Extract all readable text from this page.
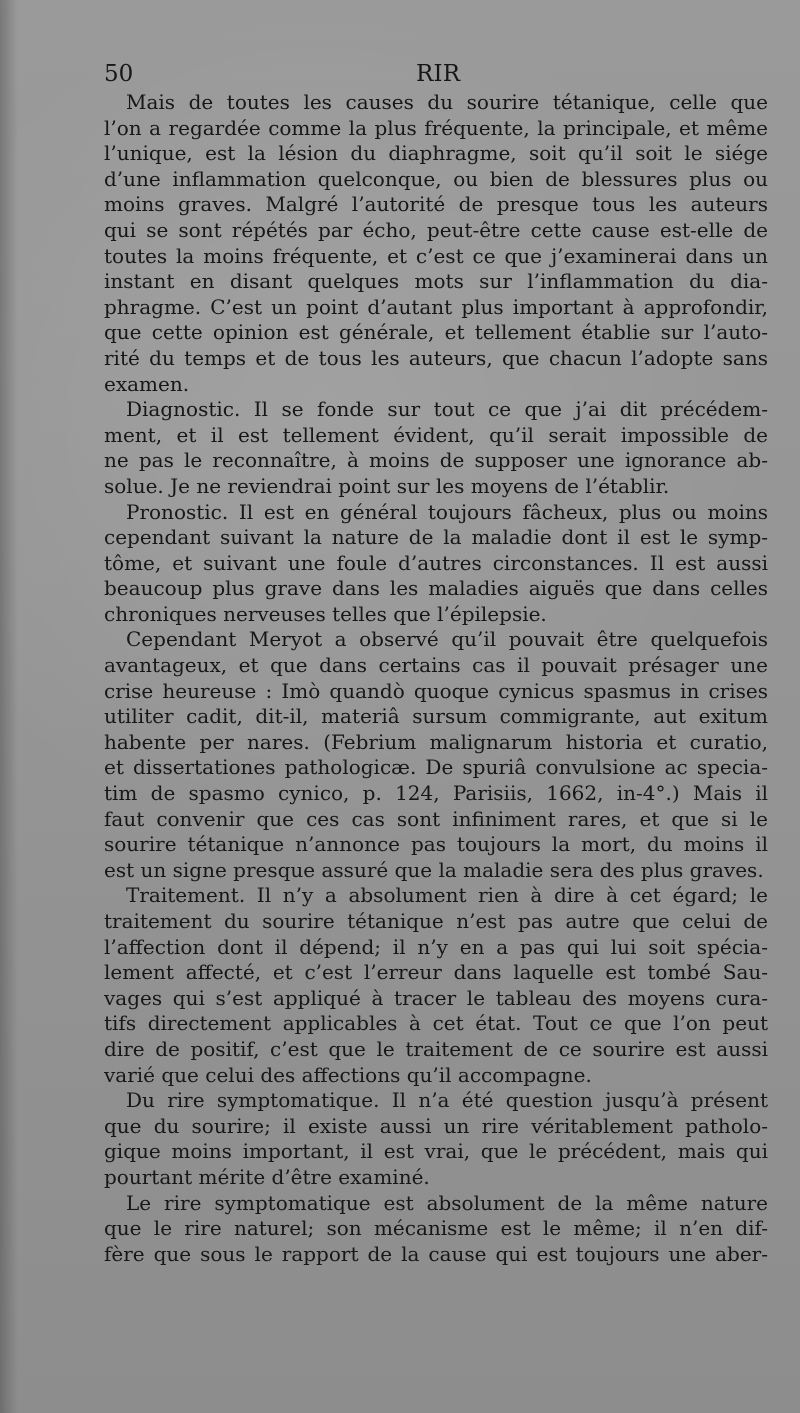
50	RIR
Mais de toutes les causes du sourire tétanique, celle que
l’on a regardée comme la plus fréquente, la principale, et même
l’unique, est la lésion du diaphragme, soit qu’il soit le siége
d’une inflammation quelconque, ou bien de blessures plus ou
moins graves. Malgré l’autorité de presque tous les auteurs
qui se sont répétés par écho, peut-être cette cause est-elle de
toutes la moins fréquente, et c’est ce que j’examinerai dans un
instant en disant quelques mots sur l’inflammation du dia-
phragme. C’est un point d’autant plus important à approfondir,
que cette opinion est générale, et tellement établie sur l’auto-
rité du temps et de tous les auteurs, que chacun l’adopte sans
examen.
Diagnostic. Il se fonde sur tout ce que j’ai dit précédem-
ment, et il est tellement évident, qu’il serait impossible de
ne pas le reconnaître, à moins de supposer une ignorance ab-
solue. Je ne reviendrai point sur les moyens de l’établir.
Pronostic. Il est en général toujours fâcheux, plus ou moins
cependant suivant la nature de la maladie dont il est le symp-
tôme, et suivant une foule d’autres circonstances. Il est aussi
beaucoup plus grave dans les maladies aiguës que dans celles
chroniques nerveuses telles que l’épilepsie.
Cependant Meryot a observé qu’il pouvait être quelquefois
avantageux, et que dans certains cas il pouvait présager une
crise heureuse : Imò quandò quoque cynicus spasmus in crises
utiliter cadit, dit-il, materiâ sursum commigrante, aut exitum
habente per nares. (Febrium malignarum historia et curatio,
et dissertationes pathologicæ. De spuriâ convulsione ac specia-
tim de spasmo cynico, p. 124, Parisiis, 1662, in-4°.) Mais il
faut convenir que ces cas sont infiniment rares, et que si le
sourire tétanique n’annonce pas toujours la mort, du moins il
est un signe presque assuré que la maladie sera des plus graves.
Traitement. Il n’y a absolument rien à dire à cet égard; le
traitement du sourire tétanique n’est pas autre que celui de
l’affection dont il dépend; il n’y en a pas qui lui soit spécia-
lement affecté, et c’est l’erreur dans laquelle est tombé Sau-
vages qui s’est appliqué à tracer le tableau des moyens cura-
tifs directement applicables à cet état. Tout ce que l’on peut
dire de positif, c’est que le traitement de ce sourire est aussi
varié que celui des affections qu’il accompagne.
Du rire symptomatique. Il n’a été question jusqu’à présent
que du sourire; il existe aussi un rire véritablement patholo-
gique moins important, il est vrai, que le précédent, mais qui
pourtant mérite d’être examiné.
Le rire symptomatique est absolument de la même nature
que le rire naturel; son mécanisme est le même; il n’en dif-
fère que sous le rapport de la cause qui est toujours une aber-
